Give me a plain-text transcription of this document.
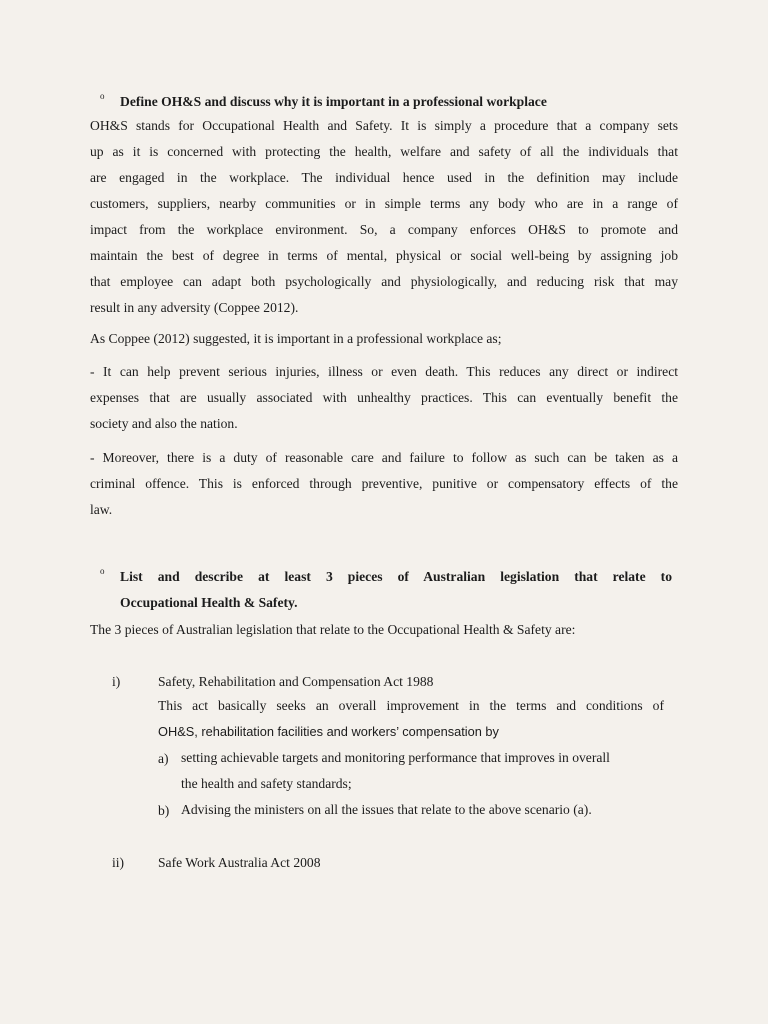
o Define OH&S and discuss why it is important in a professional workplace
OH&S stands for Occupational Health and Safety. It is simply a procedure that a company sets
up as it is concerned with protecting the health, welfare and safety of all the individuals that
are engaged in the workplace. The individual hence used in the definition may include
customers, suppliers, nearby communities or in simple terms any body who are in a range of
impact from the workplace environment. So, a company enforces OH&S to promote and
maintain the best of degree in terms of mental, physical or social well-being by assigning job
that employee can adapt both psychologically and physiologically, and reducing risk that may
result in any adversity (Coppee 2012).
As Coppee (2012) suggested, it is important in a professional workplace as;
- It can help prevent serious injuries, illness or even death. This reduces any direct or indirect
expenses that are usually associated with unhealthy practices. This can eventually benefit the
society and also the nation.
- Moreover, there is a duty of reasonable care and failure to follow as such can be taken as a
criminal offence. This is enforced through preventive, punitive or compensatory effects of the
law.
o List and describe at least 3 pieces of Australian legislation that relate to
Occupational Health & Safety.
The 3 pieces of Australian legislation that relate to the Occupational Health & Safety are:
i)	Safety, Rehabilitation and Compensation Act 1988
This act basically seeks an overall improvement in the terms and conditions of
OH&S, rehabilitation facilities and workers’ compensation by
a) setting achievable targets and monitoring performance that improves in overall
the health and safety standards;
b) Advising the ministers on all the issues that relate to the above scenario (a).
ii) Safe Work Australia Act 2008
